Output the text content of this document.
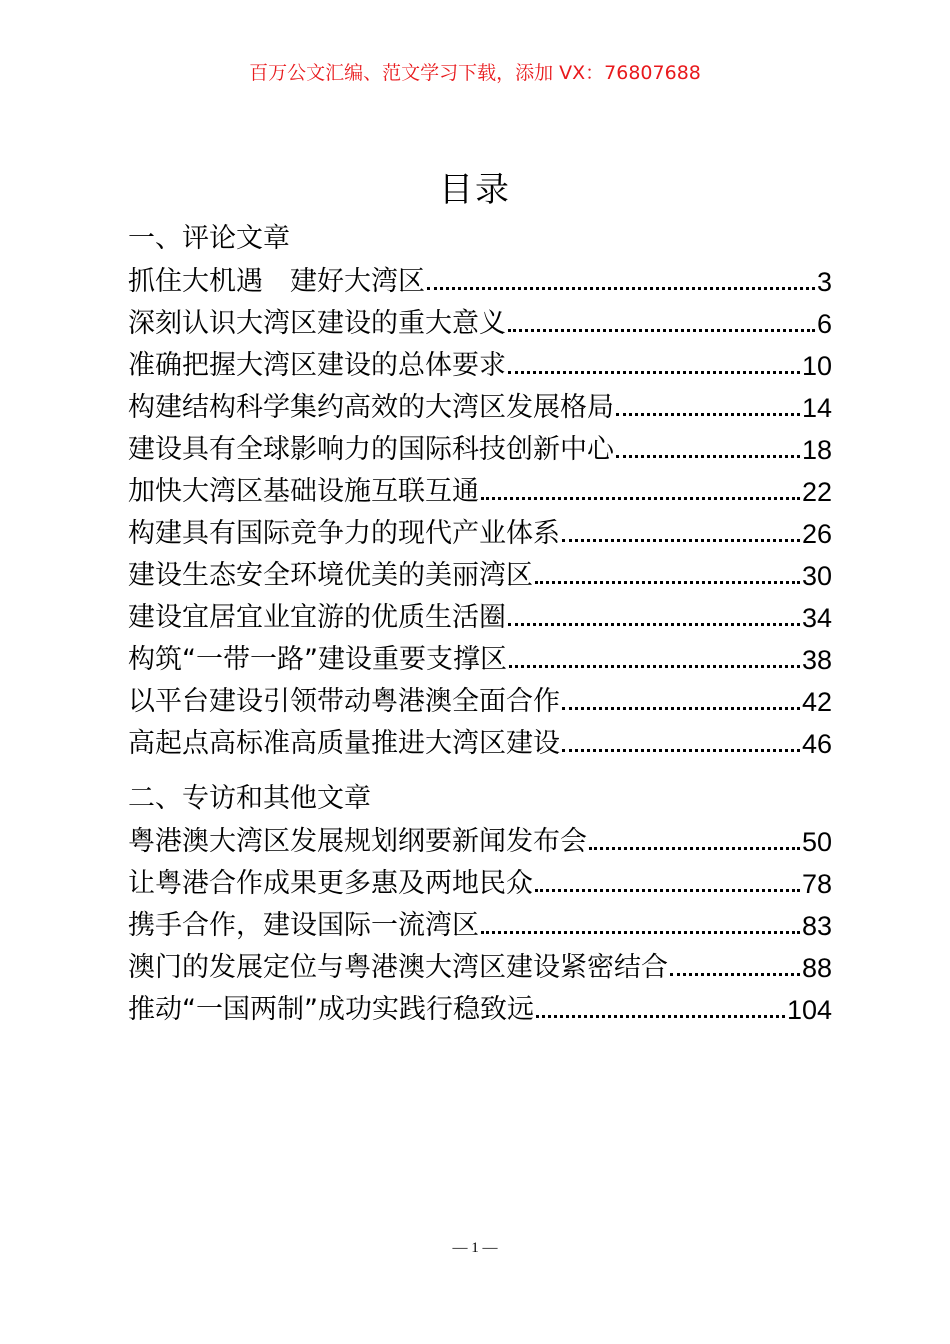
百万公文汇编、范文学习下载，添加 VX：76807688
目录
一、评论文章
抓住大机遇　建好大湾区	3
深刻认识大湾区建设的重大意义	6
准确把握大湾区建设的总体要求	10
构建结构科学集约高效的大湾区发展格局	14
建设具有全球影响力的国际科技创新中心	18
加快大湾区基础设施互联互通	22
构建具有国际竞争力的现代产业体系	26
建设生态安全环境优美的美丽湾区	30
建设宜居宜业宜游的优质生活圈	34
构筑“一带一路”建设重要支撑区	38
以平台建设引领带动粤港澳全面合作	42
高起点高标准高质量推进大湾区建设	46
二、专访和其他文章
粤港澳大湾区发展规划纲要新闻发布会	50
让粤港合作成果更多惠及两地民众	78
携手合作，建设国际一流湾区	83
澳门的发展定位与粤港澳大湾区建设紧密结合	88
推动“一国两制”成功实践行稳致远	104
— 1 —
